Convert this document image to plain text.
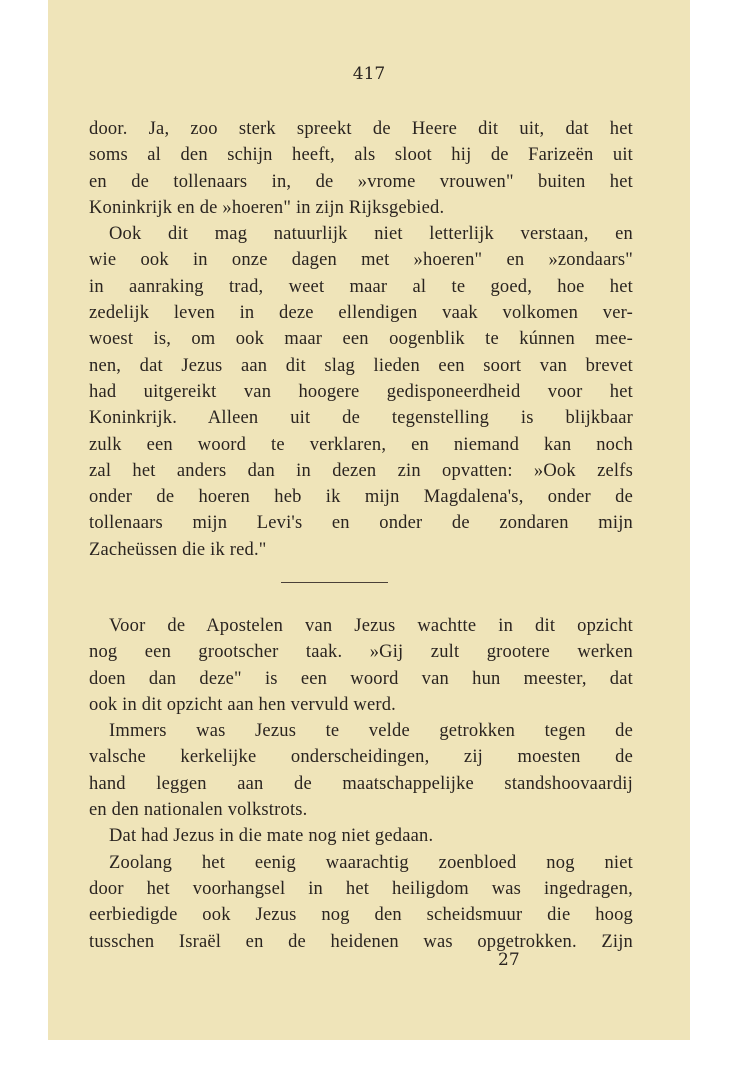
417
door. Ja, zoo sterk spreekt de Heere dit uit, dat het
soms al den schijn heeft, als sloot hij de Farizeën uit
en de tollenaars in, de »vrome vrouwen" buiten het
Koninkrijk en de »hoeren" in zijn Rijksgebied.
Ook dit mag natuurlijk niet letterlijk verstaan, en
wie ook in onze dagen met »hoeren" en »zondaars"
in aanraking trad, weet maar al te goed, hoe het
zedelijk leven in deze ellendigen vaak volkomen ver-
woest is, om ook maar een oogenblik te kúnnen mee-
nen, dat Jezus aan dit slag lieden een soort van brevet
had uitgereikt van hoogere gedisponeerdheid voor het
Koninkrijk. Alleen uit de tegenstelling is blijkbaar
zulk een woord te verklaren, en niemand kan noch
zal het anders dan in dezen zin opvatten: »Ook zelfs
onder de hoeren heb ik mijn Magdalena's, onder de
tollenaars mijn Levi's en onder de zondaren mijn
Zacheüssen die ik red."
Voor de Apostelen van Jezus wachtte in dit opzicht
nog een grootscher taak. »Gij zult grootere werken
doen dan deze" is een woord van hun meester, dat
ook in dit opzicht aan hen vervuld werd.
Immers was Jezus te velde getrokken tegen de
valsche kerkelijke onderscheidingen, zij moesten de
hand leggen aan de maatschappelijke standshoovaardij
en den nationalen volkstrots.
Dat had Jezus in die mate nog niet gedaan.
Zoolang het eenig waarachtig zoenbloed nog niet
door het voorhangsel in het heiligdom was ingedragen,
eerbiedigde ook Jezus nog den scheidsmuur die hoog
tusschen Israël en de heidenen was opgetrokken. Zijn
27
